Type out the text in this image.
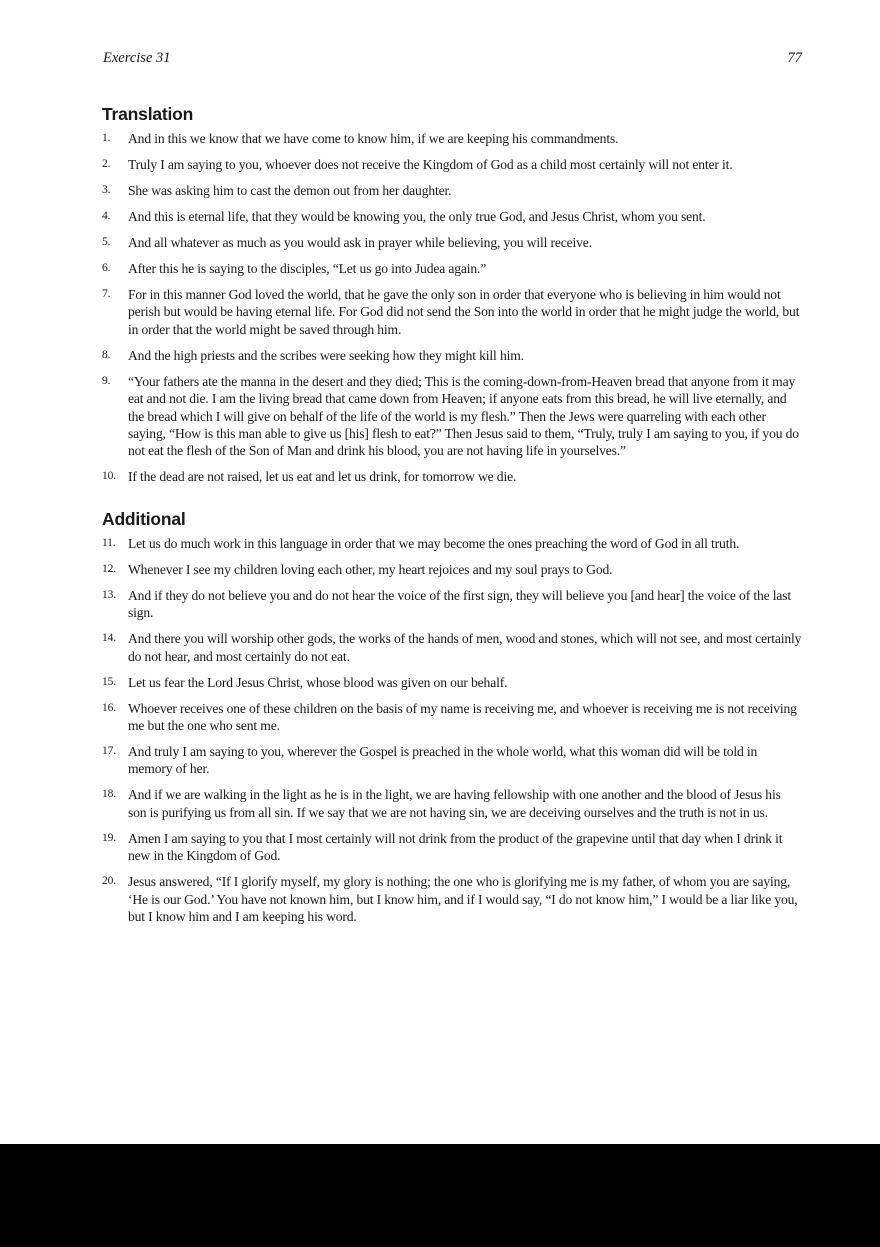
Exercise 31	77
Translation
1. And in this we know that we have come to know him, if we are keeping his commandments.
2. Truly I am saying to you, whoever does not receive the Kingdom of God as a child most certainly will not enter it.
3. She was asking him to cast the demon out from her daughter.
4. And this is eternal life, that they would be knowing you, the only true God, and Jesus Christ, whom you sent.
5. And all whatever as much as you would ask in prayer while believing, you will receive.
6. After this he is saying to the disciples, “Let us go into Judea again.”
7. For in this manner God loved the world, that he gave the only son in order that everyone who is believing in him would not perish but would be having eternal life. For God did not send the Son into the world in order that he might judge the world, but in order that the world might be saved through him.
8. And the high priests and the scribes were seeking how they might kill him.
9. “Your fathers ate the manna in the desert and they died; This is the coming-down-from-Heaven bread that anyone from it may eat and not die. I am the living bread that came down from Heaven; if anyone eats from this bread, he will live eternally, and the bread which I will give on behalf of the life of the world is my flesh.” Then the Jews were quarreling with each other saying, “How is this man able to give us [his] flesh to eat?” Then Jesus said to them, “Truly, truly I am saying to you, if you do not eat the flesh of the Son of Man and drink his blood, you are not having life in yourselves.”
10. If the dead are not raised, let us eat and let us drink, for tomorrow we die.
Additional
11. Let us do much work in this language in order that we may become the ones preaching the word of God in all truth.
12. Whenever I see my children loving each other, my heart rejoices and my soul prays to God.
13. And if they do not believe you and do not hear the voice of the first sign, they will believe you [and hear] the voice of the last sign.
14. And there you will worship other gods, the works of the hands of men, wood and stones, which will not see, and most certainly do not hear, and most certainly do not eat.
15. Let us fear the Lord Jesus Christ, whose blood was given on our behalf.
16. Whoever receives one of these children on the basis of my name is receiving me, and whoever is receiving me is not receiving me but the one who sent me.
17. And truly I am saying to you, wherever the Gospel is preached in the whole world, what this woman did will be told in memory of her.
18. And if we are walking in the light as he is in the light, we are having fellowship with one another and the blood of Jesus his son is purifying us from all sin. If we say that we are not having sin, we are deceiving ourselves and the truth is not in us.
19. Amen I am saying to you that I most certainly will not drink from the product of the grapevine until that day when I drink it new in the Kingdom of God.
20. Jesus answered, “If I glorify myself, my glory is nothing; the one who is glorifying me is my father, of whom you are saying, ‘He is our God.’ You have not known him, but I know him, and if I would say, “I do not know him,” I would be a liar like you, but I know him and I am keeping his word.
